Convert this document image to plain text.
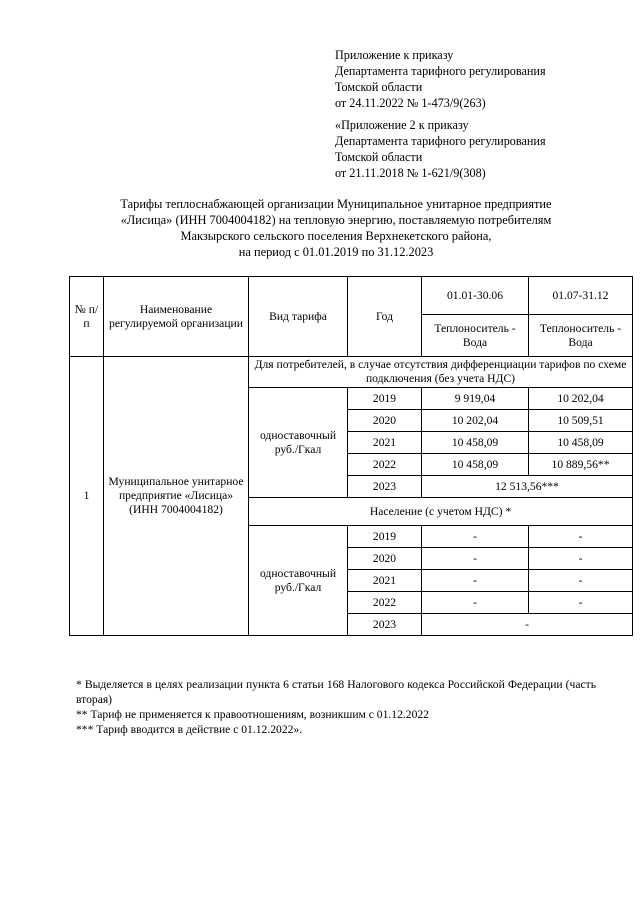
Приложение к приказу
Департамента тарифного регулирования
Томской области
от 24.11.2022 № 1-473/9(263)
«Приложение 2 к приказу
Департамента тарифного регулирования
Томской области
от 21.11.2018 № 1-621/9(308)
Тарифы теплоснабжающей организации Муниципальное унитарное предприятие
«Лисица» (ИНН 7004004182) на тепловую энергию, поставляемую потребителям
Макзырского сельского поселения Верхнекетского района,
на период с 01.01.2019 по 31.12.2023
№ п/п	Наименование регулируемой организации	Вид тарифа	Год	01.01-30.06	01.07-31.12
				Теплоноситель - Вода	Теплоноситель - Вода
1	Муниципальное унитарное предприятие «Лисица» (ИНН 7004004182)	Для потребителей, в случае отсутствия дифференциации тарифов по схеме подключения (без учета НДС)			
		одноставочный руб./Гкал	2019	9 919,04	10 202,04
			2020	10 202,04	10 509,51
			2021	10 458,09	10 458,09
			2022	10 458,09	10 889,56**
			2023	12 513,56***	
		Население (с учетом НДС) *			
		одноставочный руб./Гкал	2019	-	-
			2020	-	-
			2021	-	-
			2022	-	-
			2023	-	
* Выделяется в целях реализации пункта 6 статьи 168 Налогового кодекса Российской Федерации (часть вторая)
** Тариф не применяется к правоотношениям, возникшим с 01.12.2022
*** Тариф вводится в действие с 01.12.2022».
